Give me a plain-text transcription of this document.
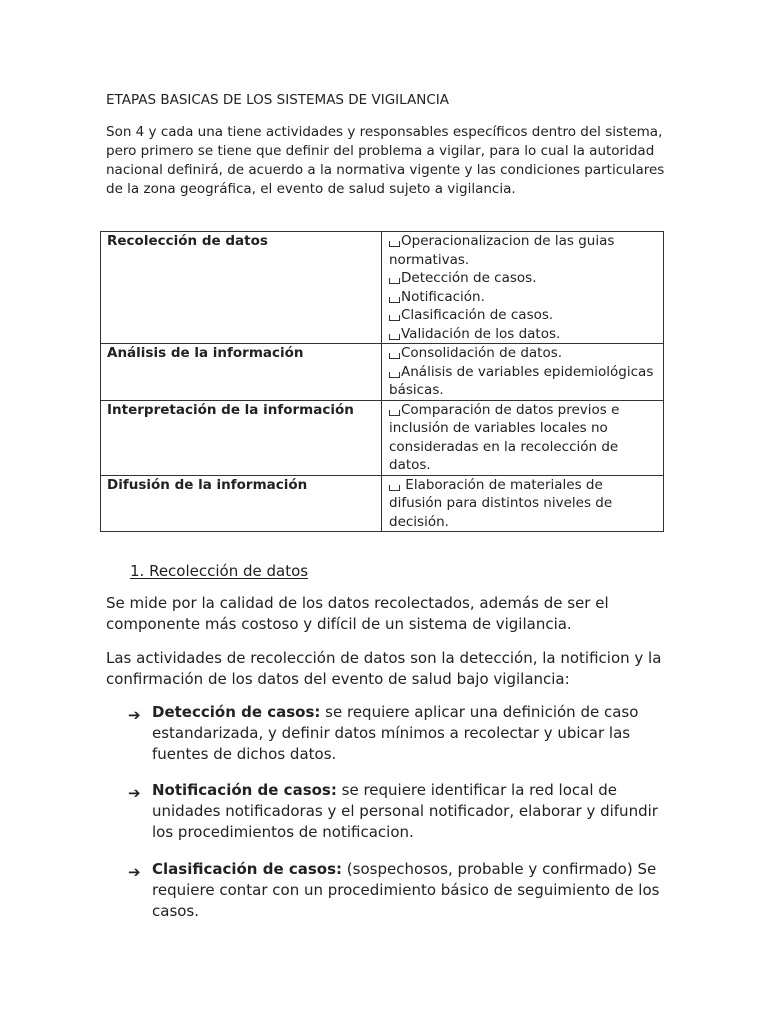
ETAPAS BASICAS DE LOS SISTEMAS DE VIGILANCIA

Son 4 y cada una tiene actividades y responsables específicos dentro del sistema, pero primero se tiene que definir del problema a vigilar, para lo cual la autoridad nacional definirá, de acuerdo a la normativa vigente y las condiciones particulares de la zona geográfica, el evento de salud sujeto a vigilancia.

Recolección de datos	Operacionalizacion de las guias normativas.
Detección de casos.
Notificación.
Clasificación de casos.
Validación de los datos.

Análisis de la información	Consolidación de datos.
Análisis de variables epidemiológicas básicas.

Interpretación de la información	Comparación de datos previos e inclusión de variables locales no consideradas en la recolección de datos.

Difusión de la información	Elaboración de materiales de difusión para distintos niveles de decisión.
1. Recolección de datos

Se mide por la calidad de los datos recolectados, además de ser el componente más costoso y difícil de un sistema de vigilancia.

Las actividades de recolección de datos son la detección, la notificion y la confirmación de los datos del evento de salud bajo vigilancia:

➔ Detección de casos: se requiere aplicar una definición de caso estandarizada, y definir datos mínimos a recolectar y ubicar las fuentes de dichos datos.
➔ Notificación de casos: se requiere identificar la red local de unidades notificadoras y el personal notificador, elaborar y difundir los procedimientos de notificacion.
➔ Clasificación de casos: (sospechosos, probable y confirmado) Se requiere contar con un procedimiento básico de seguimiento de los casos.
